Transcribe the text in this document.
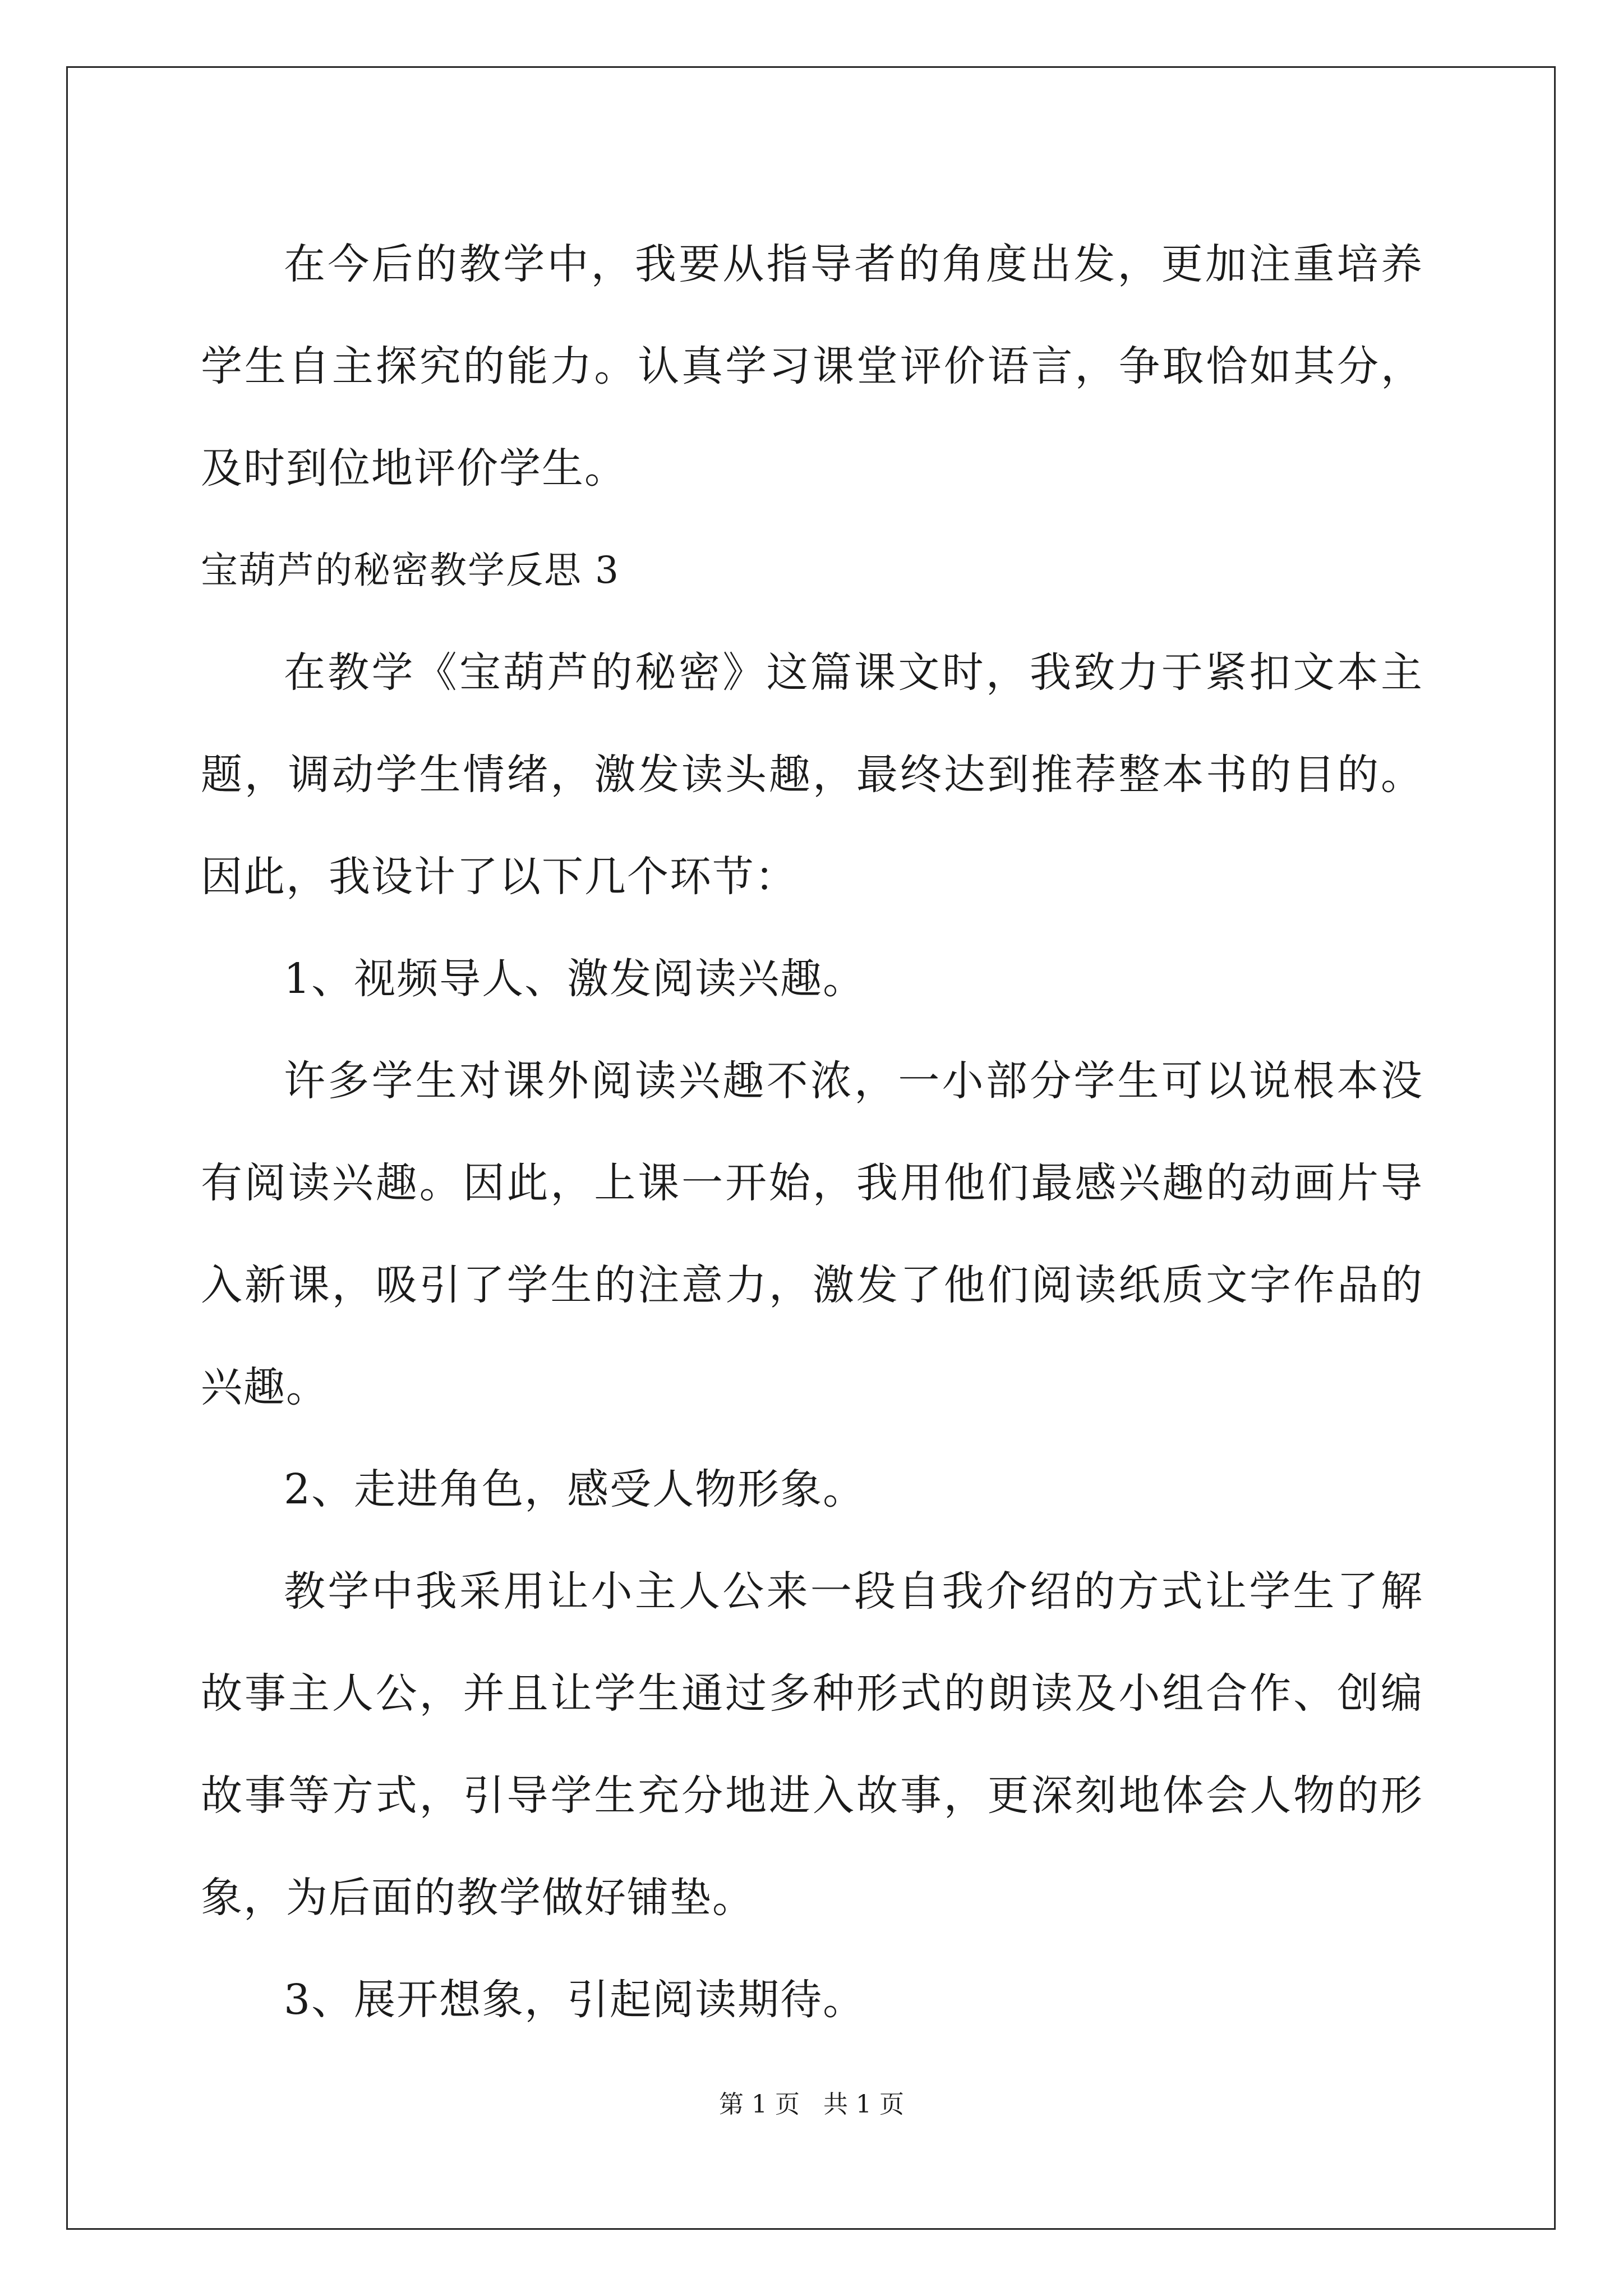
在今后的教学中，我要从指导者的角度出发，更加注重培养学生自主探究的能力。认真学习课堂评价语言，争取恰如其分，及时到位地评价学生。

宝葫芦的秘密教学反思 3

在教学《宝葫芦的秘密》这篇课文时，我致力于紧扣文本主题，调动学生情绪，激发读头趣，最终达到推荐整本书的目的。因此，我设计了以下几个环节：

1、视频导人、激发阅读兴趣。

许多学生对课外阅读兴趣不浓，一小部分学生可以说根本没有阅读兴趣。因此，上课一开始，我用他们最感兴趣的动画片导入新课，吸引了学生的注意力，激发了他们阅读纸质文字作品的兴趣。

2、走进角色，感受人物形象。

教学中我采用让小主人公来一段自我介绍的方式让学生了解故事主人公，并且让学生通过多种形式的朗读及小组合作、创编故事等方式，引导学生充分地进入故事，更深刻地体会人物的形象，为后面的教学做好铺垫。

3、展开想象，引起阅读期待。

第 1 页   共 1 页
